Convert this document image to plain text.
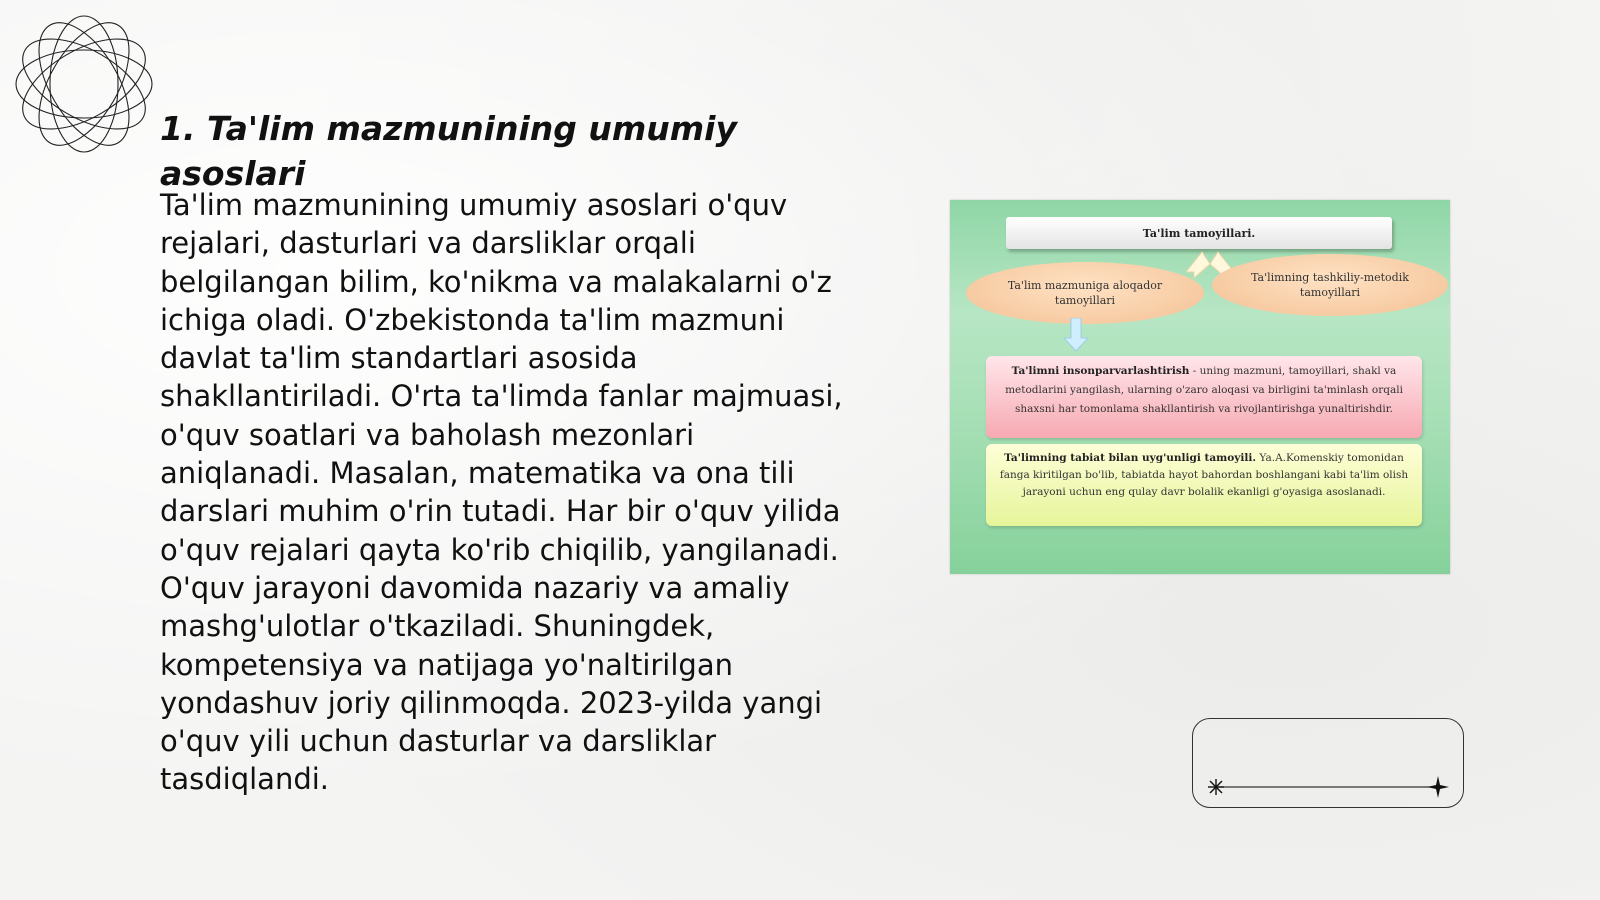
1. Ta'lim mazmunining umumiy asoslari

Ta'lim mazmunining umumiy asoslari o'quv rejalari, dasturlari va darsliklar orqali belgilangan bilim, ko'nikma va malakalarni o'z ichiga oladi. O'zbekistonda ta'lim mazmuni davlat ta'lim standartlari asosida shakllantiriladi. O'rta ta'limda fanlar majmuasi, o'quv soatlari va baholash mezonlari aniqlanadi. Masalan, matematika va ona tili darslari muhim o'rin tutadi. Har bir o'quv yilida o'quv rejalari qayta ko'rib chiqilib, yangilanadi. O'quv jarayoni davomida nazariy va amaliy mashg'ulotlar o'tkaziladi. Shuningdek, kompetensiya va natijaga yo'naltirilgan yondashuv joriy qilinmoqda. 2023-yilda yangi o'quv yili uchun dasturlar va darsliklar tasdiqlandi.

Ta'lim tamoyillari.
Ta'lim mazmuniga aloqador tamoyillari
Ta'limning tashkiliy-metodik tamoyillari
Ta'limni insonparvarlashtirish - uning mazmuni, tamoyillari, shakl va metodlarini yangilash, ularning o'zaro aloqasi va birligini ta'minlash orqali shaxsni har tomonlama shakllantirish va rivojlantirishga yunaltirishdir.
Ta'limning tabiat bilan uyg'unligi tamoyili. Ya.A.Komenskiy tomonidan fanga kiritilgan bo'lib, tabiatda hayot bahordan boshlangani kabi ta'lim olish jarayoni uchun eng qulay davr bolalik ekanligi g'oyasiga asoslanadi.
